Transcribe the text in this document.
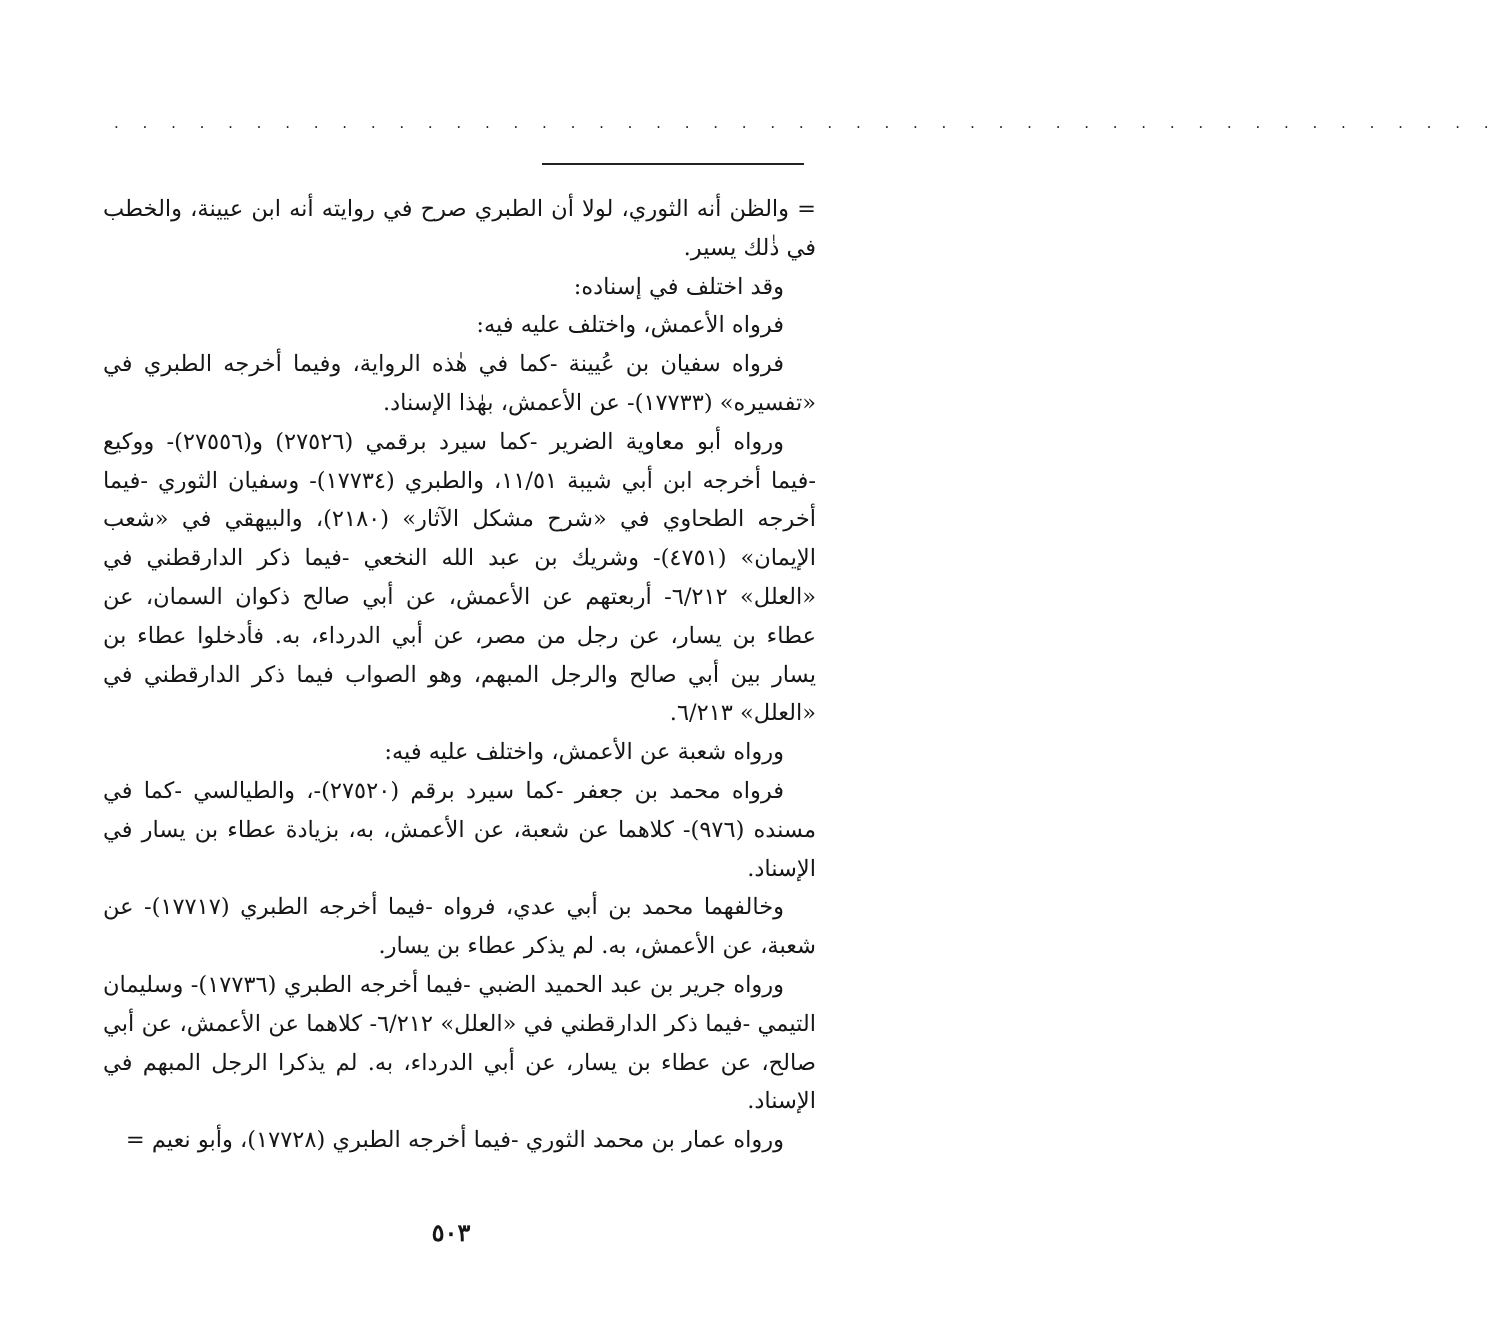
. . . . . . . . . . . . . . . . . . . . . . . . . . . . . . . . . . . . . . . . . . . . . . . . .

= والظن أنه الثوري، لولا أن الطبري صرح في روايته أنه ابن عيينة، والخطب في ذٰلك يسير.

وقد اختلف في إسناده:

فرواه الأعمش، واختلف عليه فيه:

فرواه سفيان بن عُيينة -كما في هٰذه الرواية، وفيما أخرجه الطبري في «تفسيره» (١٧٧٣٣)- عن الأعمش، بهٰذا الإسناد.

ورواه أبو معاوية الضرير -كما سيرد برقمي (٢٧٥٢٦) و(٢٧٥٥٦)- ووكيع -فيما أخرجه ابن أبي شيبة ١١/٥١، والطبري (١٧٧٣٤)- وسفيان الثوري -فيما أخرجه الطحاوي في «شرح مشكل الآثار» (٢١٨٠)، والبيهقي في «شعب الإيمان» (٤٧٥١)- وشريك بن عبد الله النخعي -فيما ذكر الدارقطني في «العلل» ٦/٢١٢- أربعتهم عن الأعمش، عن أبي صالح ذكوان السمان، عن عطاء بن يسار، عن رجل من مصر، عن أبي الدرداء، به. فأدخلوا عطاء بن يسار بين أبي صالح والرجل المبهم، وهو الصواب فيما ذكر الدارقطني في «العلل» ٦/٢١٣.

ورواه شعبة عن الأعمش، واختلف عليه فيه:

فرواه محمد بن جعفر -كما سيرد برقم (٢٧٥٢٠)-، والطيالسي -كما في مسنده (٩٧٦)- كلاهما عن شعبة، عن الأعمش، به، بزيادة عطاء بن يسار في الإسناد.

وخالفهما محمد بن أبي عدي، فرواه -فيما أخرجه الطبري (١٧٧١٧)- عن شعبة، عن الأعمش، به. لم يذكر عطاء بن يسار.

ورواه جرير بن عبد الحميد الضبي -فيما أخرجه الطبري (١٧٧٣٦)- وسليمان التيمي -فيما ذكر الدارقطني في «العلل» ٦/٢١٢- كلاهما عن الأعمش، عن أبي صالح، عن عطاء بن يسار، عن أبي الدرداء، به. لم يذكرا الرجل المبهم في الإسناد.

ورواه عمار بن محمد الثوري -فيما أخرجه الطبري (١٧٧٢٨)، وأبو نعيم =

٥٠٣
